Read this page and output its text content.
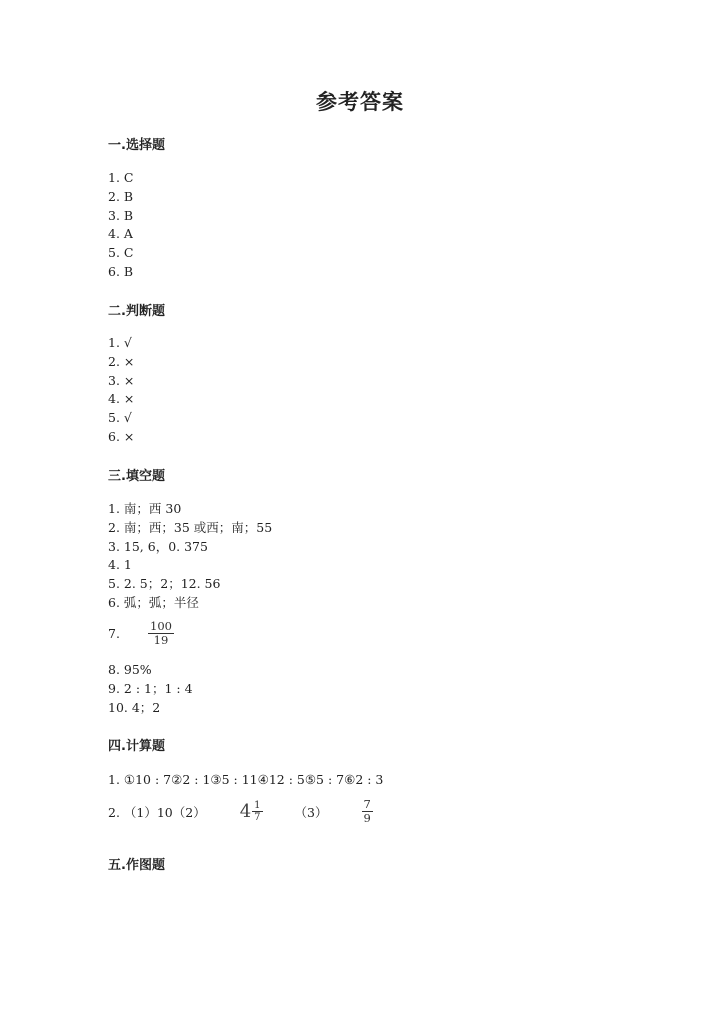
参考答案
一.选择题
1. C
2. B
3. B
4. A
5. C
6. B
二.判断题
1. √
2. ×
3. ×
4. ×
5. √
6. ×
三.填空题
1. 南；西 30
2. 南；西；35 或西；南；55
3. 15, 6，0. 375
4. 1
5. 2. 5；2；12. 56
6. 弧；弧；半径
7.	$\frac{100}{19}$
8. 95%
9. 2 : 1；1 : 4
10. 4；2
四.计算题
1. ①10 : 7②2 : 1③5 : 11④12 : 5⑤5 : 7⑥2 : 3
2. （1）10（2） $4 \frac{1}{7}$	（3）	$\frac{7}{9}$
五.作图题
